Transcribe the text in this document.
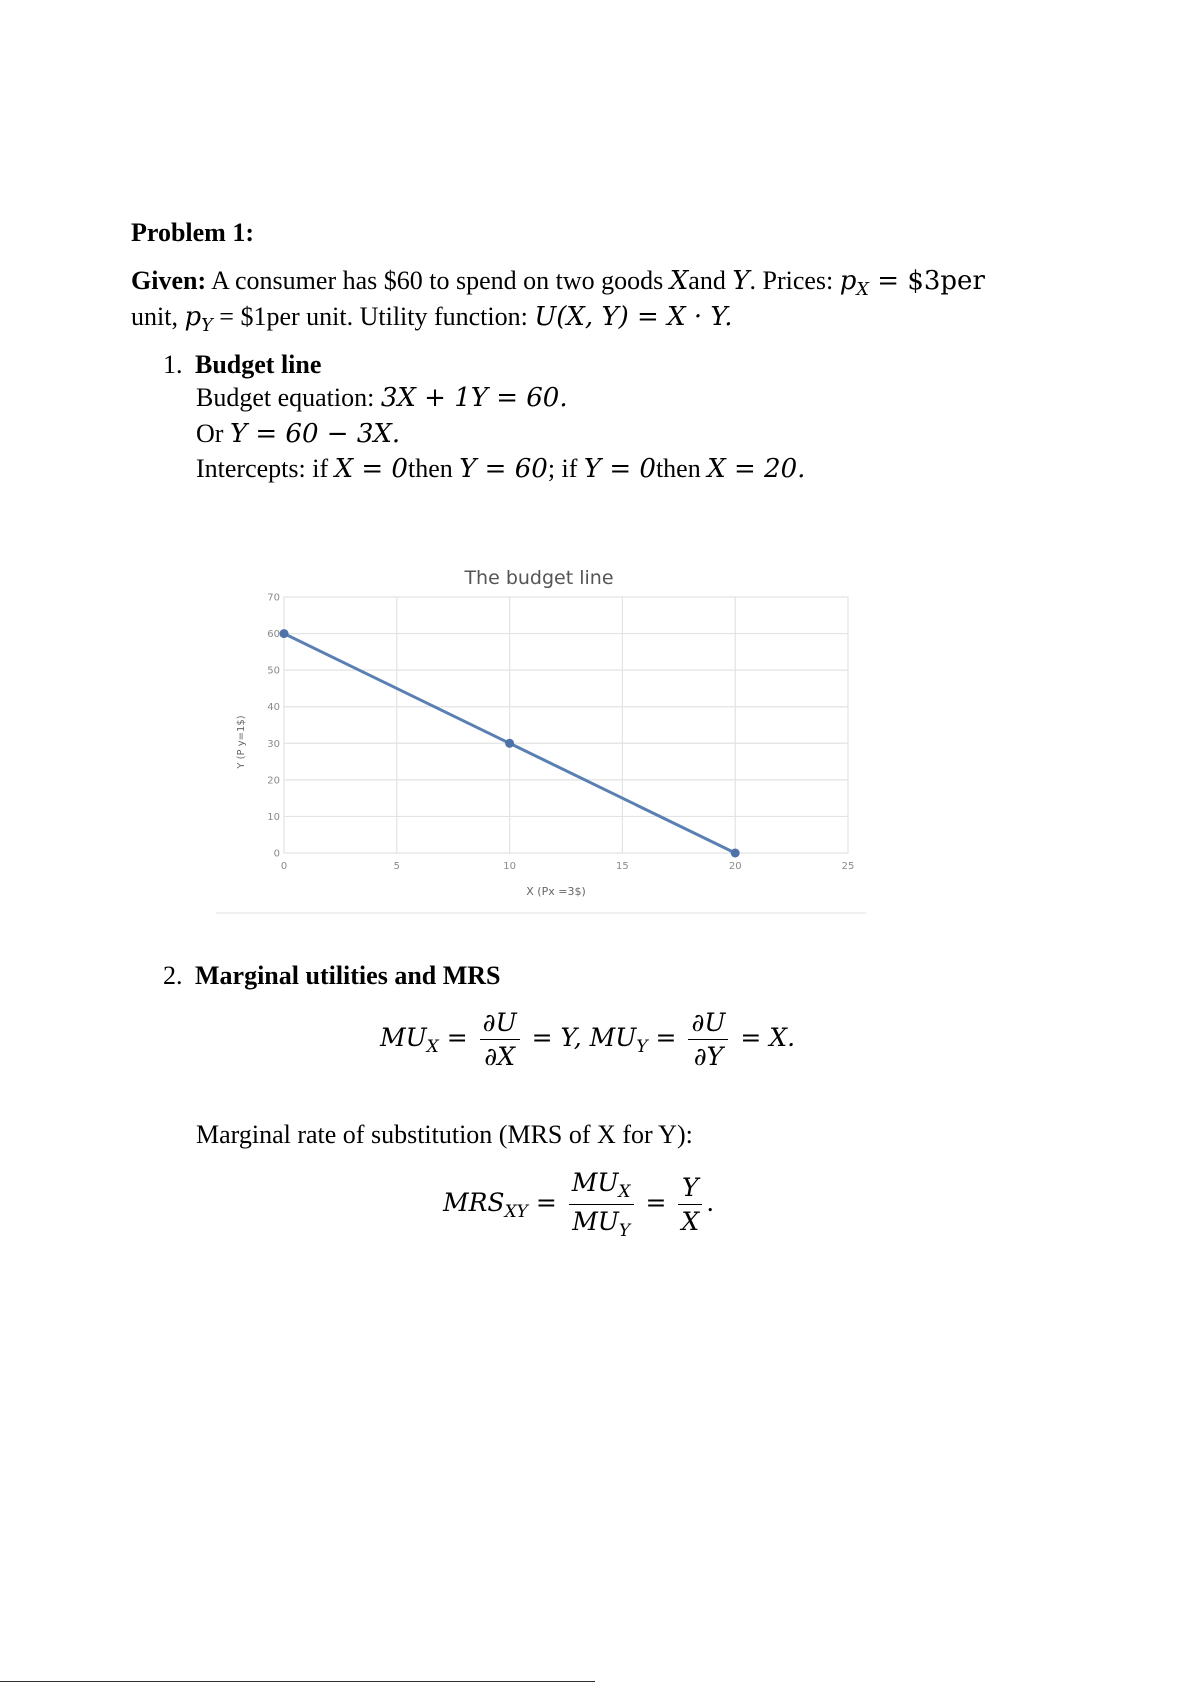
Problem 1:
Given: A consumer has $60 to spend on two goods Xand Y. Prices: $p_X$ = $3per
unit, $p_Y$ = $1per unit. Utility function: U(X, Y) = X · Y.
1. Budget line
Budget equation: 3X + 1Y = 60.
Or Y = 60 − 3X.
Intercepts: if X = 0then Y = 60; if Y = 0then X = 20.
The budget line
0	5	10	15	20	25
0
10
20
30
40
50
60
70
X (Px =3$)
Y (P y=1$)
2. Marginal utilities and MRS
$MU_X = \frac{\partial U}{\partial X} = Y$, $MU_Y = \frac{\partial U}{\partial Y} = X$.
Marginal rate of substitution (MRS of X for Y):
$MRS_{XY} = \frac{MU_X}{MU_Y} = \frac{Y}{X}$ .
